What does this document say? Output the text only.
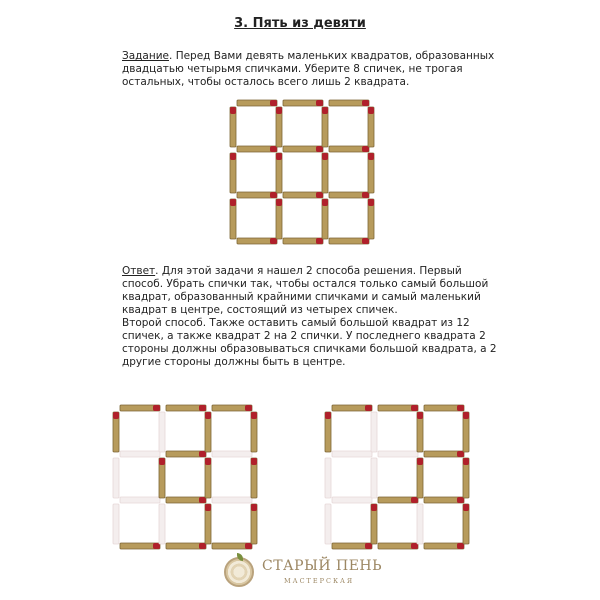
3. Пять из девяти
Задание. Перед Вами девять маленьких квадратов, образованных двадцатью четырьмя спичками. Уберите 8 спичек, не трогая остальных, чтобы осталось всего лишь 2 квадрата.
Ответ. Для этой задачи я нашел 2 способа решения. Первый способ. Убрать спички так, чтобы остался только самый большой квадрат, образованный крайними спичками и самый маленький квадрат в центре, состоящий из четырех спичек.
Второй способ. Также оставить самый большой квадрат из 12 спичек, а также квадрат 2 на 2 спички. У последнего квадрата 2 стороны должны образовываться спичками большой квадрата, а 2 другие стороны должны быть в центре.
СТАРЫЙ ПЕНЬ
МАСТЕРСКАЯ
